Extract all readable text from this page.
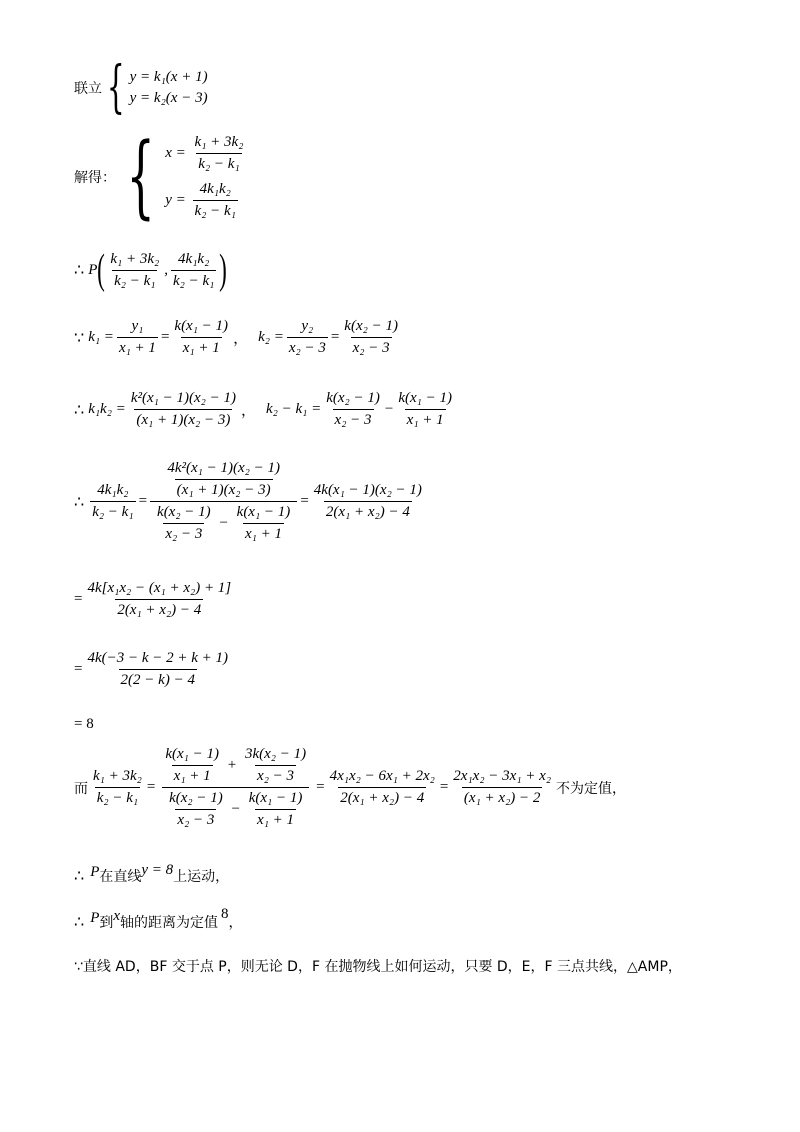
联立 { y = k₁(x + 1)
y = k₂(x − 3)
解得： { $x = \frac{\text{k₁ + 3k₂}}{\text{k₂ − k₁}}$
$y = \frac{\text{4k₁k₂}}{\text{k₂ − k₁}}$
∴ P ( $\frac{\text{k₁ + 3k₂}}{\text{k₂ − k₁}}$ , $\frac{\text{4k₁k₂}}{\text{k₂ − k₁}}$ )
∵ $k_1 = \frac{\text{y₁}}{\text{x₁ + 1}} = \frac{\text{k(x₁ − 1)}}{\text{x₁ + 1}}$ ， $k_2 = \frac{\text{y₂}}{\text{x₂ − 3}} = \frac{\text{k(x₂ − 1)}}{\text{x₂ − 3}}$
∴ $k_1k_2 = \frac{\text{k²(x₁ − 1)(x₂ − 1)}}{\text{(x₁ + 1)(x₂ − 3)}}$ ， $k_2 - k_1 = \frac{\text{k(x₂ − 1)}}{\text{x₂ − 3}} - \frac{\text{k(x₁ − 1)}}{\text{x₁ + 1}}$
∴ $\frac{\text{4k₁k₂}}{\text{k₂ − k₁}} = \frac{\frac{\text{4k²(x₁ − 1)(x₂ − 1)}}{\text{(x₁ + 1)(x₂ − 3)}}}{\frac{\text{k(x₂ − 1)}}{\text{x₂ − 3}} - \frac{\text{k(x₁ − 1)}}{\text{x₁ + 1}}} = \frac{\text{4k(x₁ − 1)(x₂ − 1)}}{\text{2(x₁ + x₂) − 4}}$
= $\frac{\text{4k[x₁x₂ − (x₁ + x₂) + 1]}}{\text{2(x₁ + x₂) − 4}}$
= $\frac{4k(-3 - k - 2 + k + 1)}{2(2 - k) - 4}$
= 8
而 $\frac{\text{k₁ + 3k₂}}{\text{k₂ − k₁}} = \frac{\frac{\text{k(x₁ − 1)}}{\text{x₁ + 1}} + \frac{\text{3k(x₂ − 1)}}{\text{x₂ − 3}}}{\frac{\text{k(x₂ − 1)}}{\text{x₂ − 3}} - \frac{\text{k(x₁ − 1)}}{\text{x₁ + 1}}} = \frac{\text{4x₁x₂ − 6x₁ + 2x₂}}{\text{2(x₁ + x₂) − 4}} = \frac{\text{2x₁x₂ − 3x₁ + x₂}}{\text{(x₁ + x₂) − 2}}$ 不为定值，
∴ P 在直线 y = 8 上运动，
∴ P 到 x 轴的距离为定值
8
，
∵直线 AD，BF 交于点 P，则无论 D，F 在抛物线上如何运动，只要 D，E，F 三点共线，△AMP，
